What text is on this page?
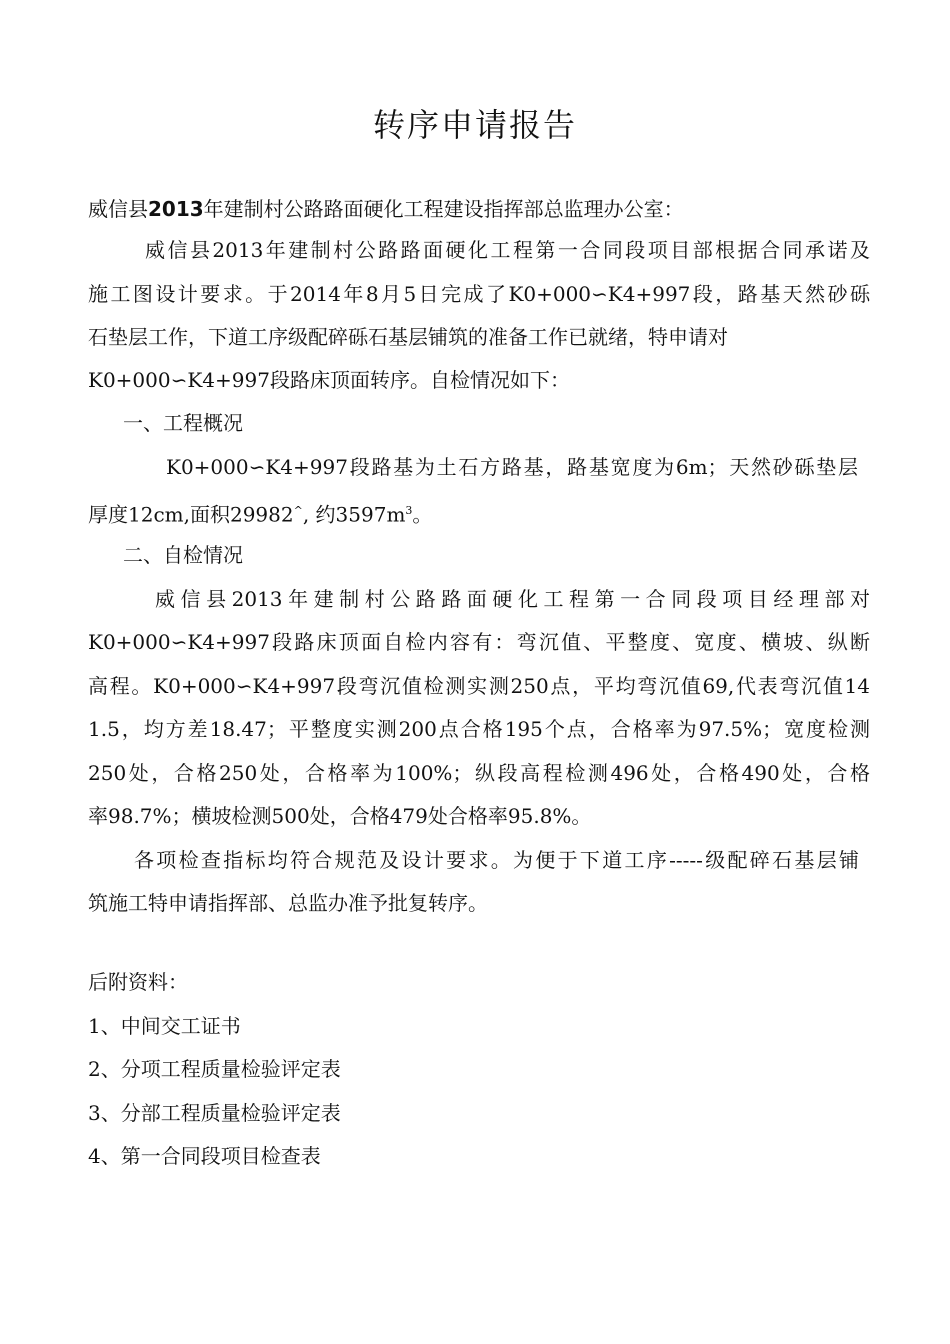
转序申请报告
威信县2013年建制村公路路面硬化工程建设指挥部总监理办公室：
威信县2013年建制村公路路面硬化工程第一合同段项目部根据合同承诺及
施工图设计要求。于2014年8月5日完成了K0+000∽K4+997段，路基天然砂砾
石垫层工作，下道工序级配碎砾石基层铺筑的准备工作已就绪，特申请对
K0+000∽K4+997段路床顶面转序。自检情况如下：
一、工程概况
K0+000∽K4+997段路基为土石方路基，路基宽度为6m；天然砂砾垫层
厚度12cm,面积29982^, 约$3597m^3$。
二、自检情况
威信县2013年建制村公路路面硬化工程第一合同段项目经理部对
K0+000∽K4+997段路床顶面自检内容有：弯沉值、平整度、宽度、横坡、纵断
高程。K0+000∽K4+997段弯沉值检测实测250点，平均弯沉值69,代表弯沉值14
1.5，均方差18.47；平整度实测200点合格195个点，合格率为97.5%；宽度检测
250处，合格250处，合格率为100%；纵段高程检测496处，合格490处，合格
率98.7%；横坡检测500处，合格479处合格率95.8%。
各项检查指标均符合规范及设计要求。为便于下道工序-----级配碎石基层铺
筑施工特申请指挥部、总监办准予批复转序。
后附资料：
1、中间交工证书
2、分项工程质量检验评定表
3、分部工程质量检验评定表
4、第一合同段项目检查表
